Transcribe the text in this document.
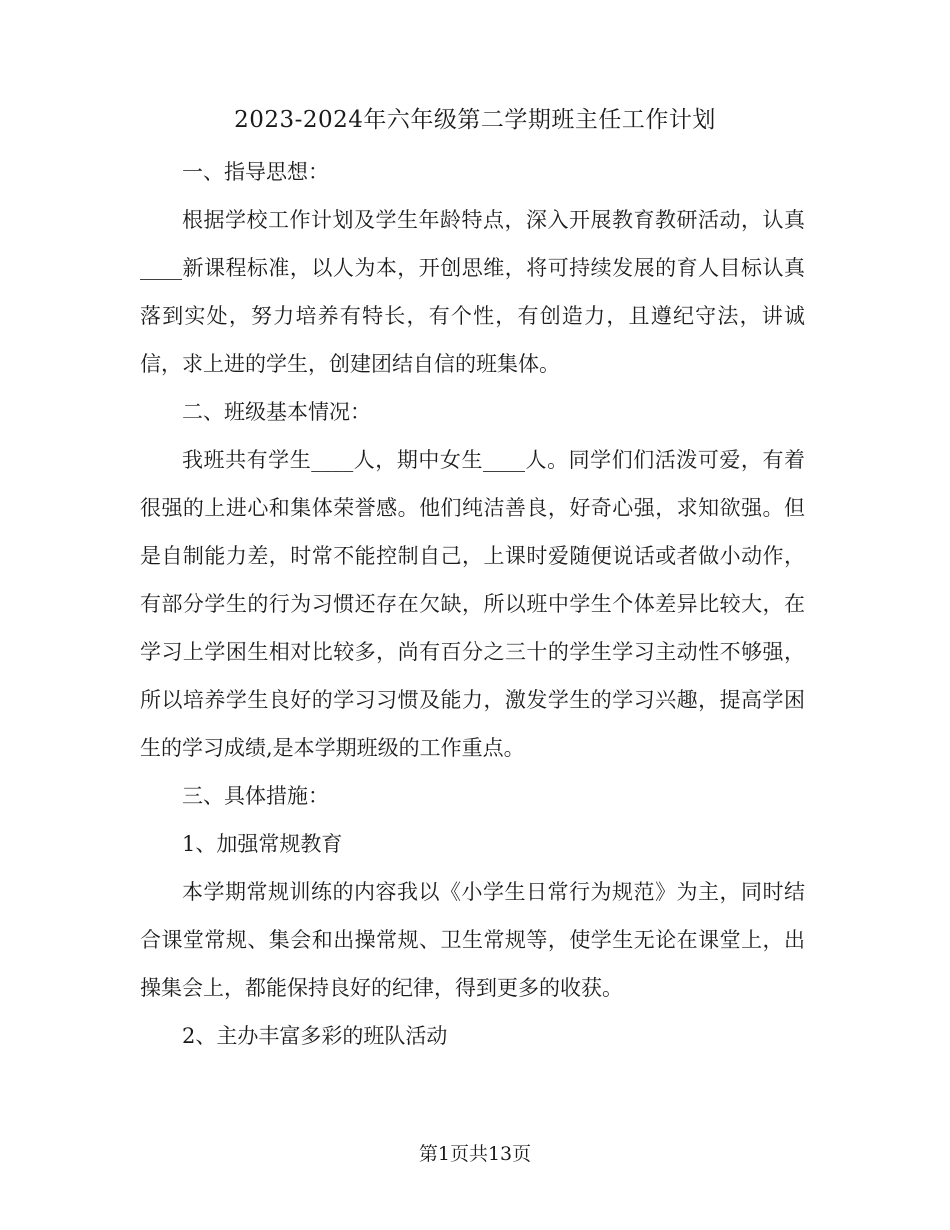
2023-2024年六年级第二学期班主任工作计划

一、指导思想：

根据学校工作计划及学生年龄特点，深入开展教育教研活动，认真____新课程标准，以人为本，开创思维，将可持续发展的育人目标认真落到实处，努力培养有特长，有个性，有创造力，且遵纪守法，讲诚信，求上进的学生，创建团结自信的班集体。

二、班级基本情况：

我班共有学生____人，期中女生____人。同学们们活泼可爱，有着很强的上进心和集体荣誉感。他们纯洁善良，好奇心强，求知欲强。但是自制能力差，时常不能控制自己，上课时爱随便说话或者做小动作，有部分学生的行为习惯还存在欠缺，所以班中学生个体差异比较大，在学习上学困生相对比较多，尚有百分之三十的学生学习主动性不够强，所以培养学生良好的学习习惯及能力，激发学生的学习兴趣，提高学困生的学习成绩,是本学期班级的工作重点。

三、具体措施：

1、加强常规教育

本学期常规训练的内容我以《小学生日常行为规范》为主，同时结合课堂常规、集会和出操常规、卫生常规等，使学生无论在课堂上，出操集会上，都能保持良好的纪律，得到更多的收获。

2、主办丰富多彩的班队活动

第1页共13页
